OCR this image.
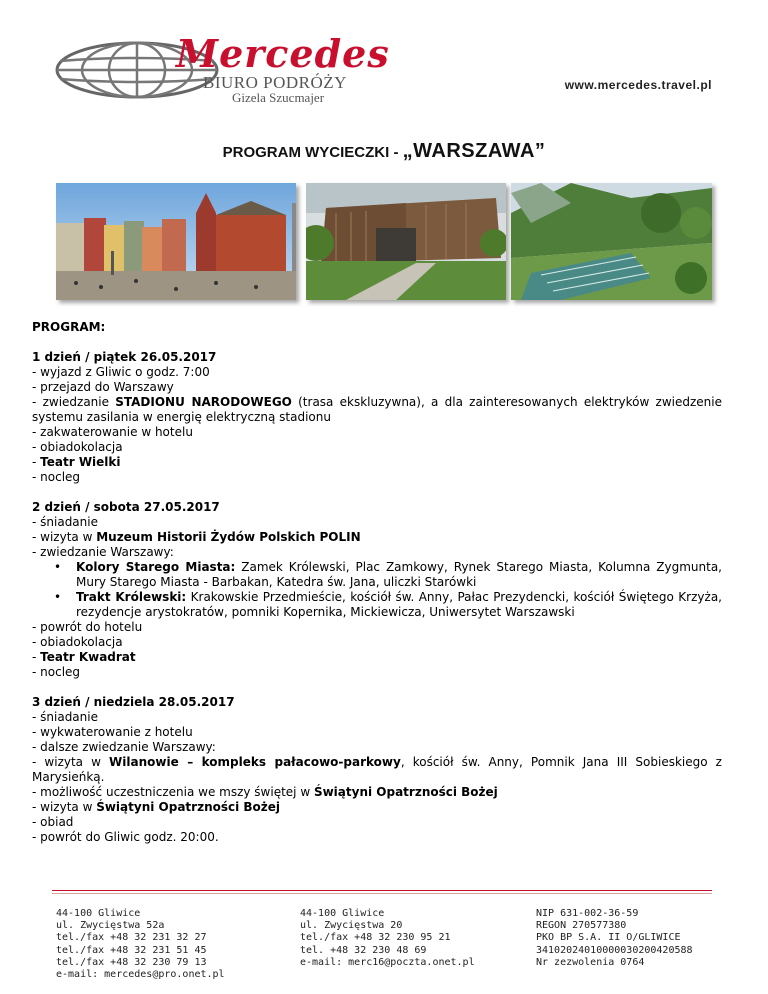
Mercedes
BIURO PODRÓŻY
Gizela Szucmajer
www.mercedes.travel.pl
PROGRAM WYCIECZKI - „WARSZAWA”

PROGRAM:

1 dzień / piątek 26.05.2017

- wyjazd z Gliwic o godz. 7:00

- przejazd do Warszawy

- zwiedzanie STADIONU NARODOWEGO (trasa ekskluzywna), a dla zainteresowanych elektryków zwiedzenie systemu zasilania w energię elektryczną stadionu

- zakwaterowanie w hotelu

- obiadokolacja

- Teatr Wielki

- nocleg

2 dzień / sobota 27.05.2017

- śniadanie

- wizyta w Muzeum Historii Żydów Polskich POLIN

- zwiedzanie Warszawy:

•	Kolory Starego Miasta: Zamek Królewski, Plac Zamkowy, Rynek Starego Miasta, Kolumna Zygmunta, Mury Starego Miasta - Barbakan, Katedra św. Jana, uliczki Starówki
•	Trakt Królewski: Krakowskie Przedmieście, kościół św. Anny, Pałac Prezydencki, kościół Świętego Krzyża, rezydencje arystokratów, pomniki Kopernika, Mickiewicza, Uniwersytet Warszawski

- powrót do hotelu

- obiadokolacja

- Teatr Kwadrat

- nocleg

3 dzień / niedziela 28.05.2017

- śniadanie

- wykwaterowanie z hotelu

- dalsze zwiedzanie Warszawy:

- wizyta w Wilanowie – kompleks pałacowo-parkowy, kościół św. Anny, Pomnik Jana III Sobieskiego z Marysieńką.

- możliwość uczestniczenia we mszy świętej w Świątyni Opatrzności Bożej

- wizyta w Świątyni Opatrzności Bożej

- obiad

- powrót do Gliwic godz. 20:00.

44-100 Gliwice
ul. Zwycięstwa 52a
tel./fax +48 32 231 32 27
tel./fax +48 32 231 51 45
tel./fax +48 32 230 79 13
e-mail: mercedes@pro.onet.pl
44-100 Gliwice
ul. Zwycięstwa 20
tel./fax +48 32 230 95 21
tel. +48 32 230 48 69
e-mail: merc16@poczta.onet.pl
NIP 631-002-36-59
REGON 270577380
PKO BP S.A. II O/GLIWICE
34102024010000030200420588
Nr zezwolenia 0764
